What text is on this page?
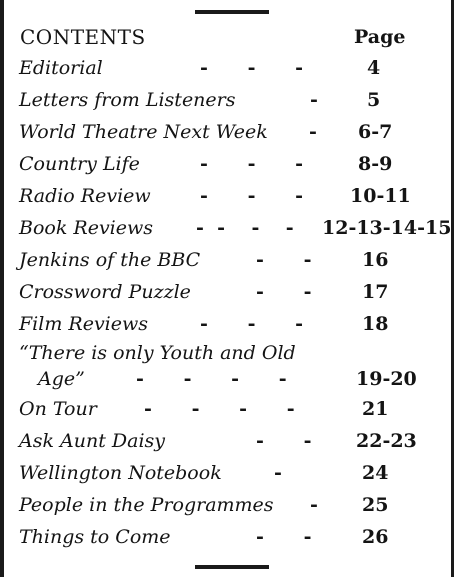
CONTENTS	Page
Editorial	-      -      -	4
Letters from Listeners	-	5
World Theatre Next Week - 6-7
Country Life	-      -      -	8-9
Radio Review	-      -      - 10-11
Book Reviews -  -    -    - 12-13-14-15
Jenkins of the BBC	-      -	16
Crossword Puzzle	-      -	17
Film Reviews	-      -      -	18
“There is only Youth and Old
Age”	-      -      -      -	19-20
On Tour -      -      -      -	21
Ask Aunt Daisy	-      - 22-23
Wellington Notebook	-	24
People in the Programmes - 25
Things to Come	-      -	26
